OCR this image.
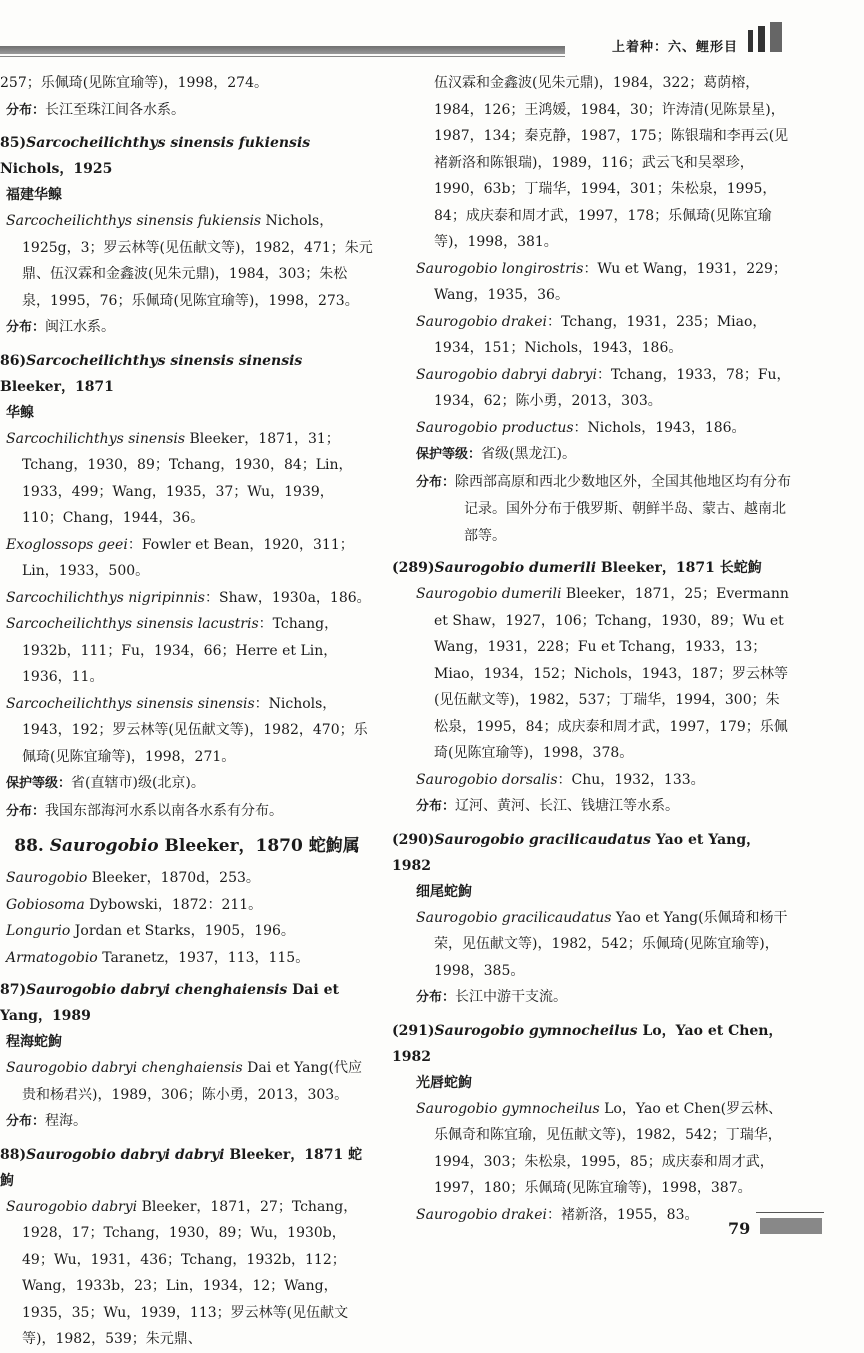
上着种：六、鲤形目
257；乐佩琦(见陈宜瑜等)，1998，274。
分布：长江至珠江间各水系。
85)Sarcocheilichthys sinensis fukiensis Nichols，1925
福建华鳈
Sarcocheilichthys sinensis fukiensis Nichols，1925g，3；罗云林等(见伍献文等)，1982，471；朱元鼎、伍汉霖和金鑫波(见朱元鼎)，1984，303；朱松泉，1995，76；乐佩琦(见陈宜瑜等)，1998，273。
分布：闽江水系。
86)Sarcocheilichthys sinensis sinensis Bleeker，1871
华鳈
Sarcochilichthys sinensis Bleeker，1871，31；Tchang，1930，89；Tchang，1930，84；Lin，1933，499；Wang，1935，37；Wu，1939，110；Chang，1944，36。
Exoglossops geei：Fowler et Bean，1920，311；Lin，1933，500。
Sarcochilichthys nigripinnis：Shaw，1930a，186。
Sarcocheilichthys sinensis lacustris：Tchang，1932b，111；Fu，1934，66；Herre et Lin，1936，11。
Sarcocheilichthys sinensis sinensis：Nichols，1943，192；罗云林等(见伍献文等)，1982，470；乐佩琦(见陈宜瑜等)，1998，271。
保护等级：省(直辖市)级(北京)。
分布：我国东部海河水系以南各水系有分布。
88. Saurogobio Bleeker，1870 蛇鮈属
Saurogobio Bleeker，1870d，253。
Gobiosoma Dybowski，1872：211。
Longurio Jordan et Starks，1905，196。
Armatogobio Taranetz，1937，113，115。
87)Saurogobio dabryi chenghaiensis Dai et Yang，1989
程海蛇鮈
Saurogobio dabryi chenghaiensis Dai et Yang(代应贵和杨君兴)，1989，306；陈小勇，2013，303。
分布：程海。
88)Saurogobio dabryi dabryi Bleeker，1871 蛇鮈
Saurogobio dabryi Bleeker，1871，27；Tchang，1928，17；Tchang，1930，89；Wu，1930b，49；Wu，1931，436；Tchang，1932b，112；Wang，1933b，23；Lin，1934，12；Wang，1935，35；Wu，1939，113；罗云林等(见伍献文等)，1982，539；朱元鼎、
伍汉霖和金鑫波(见朱元鼎)，1984，322；葛荫榕，1984，126；王鸿媛，1984，30；许涛清(见陈景星)，1987，134；秦克静，1987，175；陈银瑞和李再云(见褚新洛和陈银瑞)，1989，116；武云飞和吴翠珍，1990，63b；丁瑞华，1994，301；朱松泉，1995，84；成庆泰和周才武，1997，178；乐佩琦(见陈宜瑜等)，1998，381。
Saurogobio longirostris：Wu et Wang，1931，229；Wang，1935，36。
Saurogobio drakei：Tchang，1931，235；Miao，1934，151；Nichols，1943，186。
Saurogobio dabryi dabryi：Tchang，1933，78；Fu，1934，62；陈小勇，2013，303。
Saurogobio productus：Nichols，1943，186。
保护等级：省级(黑龙江)。
分布：除西部高原和西北少数地区外，全国其他地区均有分布记录。国外分布于俄罗斯、朝鲜半岛、蒙古、越南北部等。
(289)Saurogobio dumerili Bleeker，1871 长蛇鮈
Saurogobio dumerili Bleeker，1871，25；Evermann et Shaw，1927，106；Tchang，1930，89；Wu et Wang，1931，228；Fu et Tchang，1933，13；Miao，1934，152；Nichols，1943，187；罗云林等(见伍献文等)，1982，537；丁瑞华，1994，300；朱松泉，1995，84；成庆泰和周才武，1997，179；乐佩琦(见陈宜瑜等)，1998，378。
Saurogobio dorsalis：Chu，1932，133。
分布：辽河、黄河、长江、钱塘江等水系。
(290)Saurogobio gracilicaudatus Yao et Yang，1982
细尾蛇鮈
Saurogobio gracilicaudatus Yao et Yang(乐佩琦和杨干荣，见伍献文等)，1982，542；乐佩琦(见陈宜瑜等)，1998，385。
分布：长江中游干支流。
(291)Saurogobio gymnocheilus Lo，Yao et Chen，1982
光唇蛇鮈
Saurogobio gymnocheilus Lo，Yao et Chen(罗云林、乐佩奇和陈宜瑜，见伍献文等)，1982，542；丁瑞华，1994，303；朱松泉，1995，85；成庆泰和周才武，1997，180；乐佩琦(见陈宜瑜等)，1998，387。
Saurogobio drakei：褚新洛，1955，83。
79
